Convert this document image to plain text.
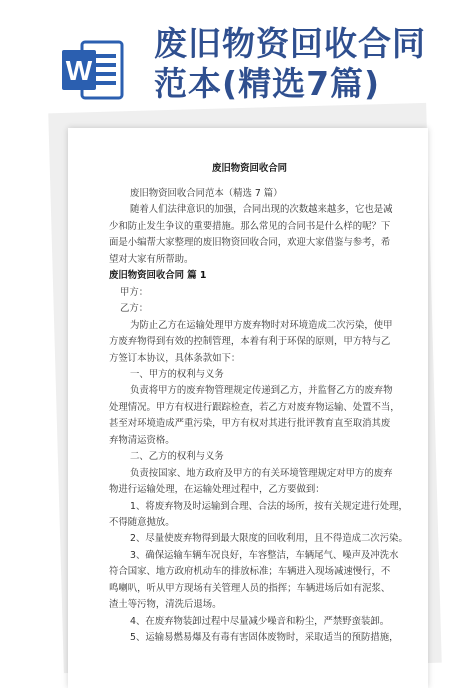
W
废旧物资回收合同
范本(精选7篇)
废旧物资回收合同
废旧物资回收合同范本（精选 7 篇）
随着人们法律意识的加强，合同出现的次数越来越多，它也是减
少和防止发生争议的重要措施。那么常见的合同书是什么样的呢？下
面是小编帮大家整理的废旧物资回收合同，欢迎大家借鉴与参考，希
望对大家有所帮助。
废旧物资回收合同 篇 1
甲方：
乙方：
为防止乙方在运输处理甲方废弃物时对环境造成二次污染，使甲
方废弃物得到有效的控制管理，本着有利于环保的原则，甲方特与乙
方签订本协议，具体条款如下：
一、甲方的权利与义务
负责将甲方的废弃物管理规定传递到乙方，并监督乙方的废弃物
处理情况。甲方有权进行跟踪检查，若乙方对废弃物运输、处置不当，
甚至对环境造成严重污染，甲方有权对其进行批评教育直至取消其废
弃物清运资格。
二、乙方的权利与义务
负责按国家、地方政府及甲方的有关环境管理规定对甲方的废弃
物进行运输处理，在运输处理过程中，乙方要做到：
1、将废弃物及时运输到合理、合法的场所，按有关规定进行处理，
不得随意抛放。
2、尽量使废弃物得到最大限度的回收利用，且不得造成二次污染。
3、确保运输车辆车况良好，车容整洁，车辆尾气、噪声及冲洗水
符合国家、地方政府机动车的排放标准；车辆进入现场减速慢行，不
鸣喇叭，听从甲方现场有关管理人员的指挥；车辆进场后如有泥浆、
渣土等污物，清洗后退场。
4、在废弃物装卸过程中尽量减少噪音和粉尘，严禁野蛮装卸。
5、运输易燃易爆及有毒有害固体废物时，采取适当的预防措施，
